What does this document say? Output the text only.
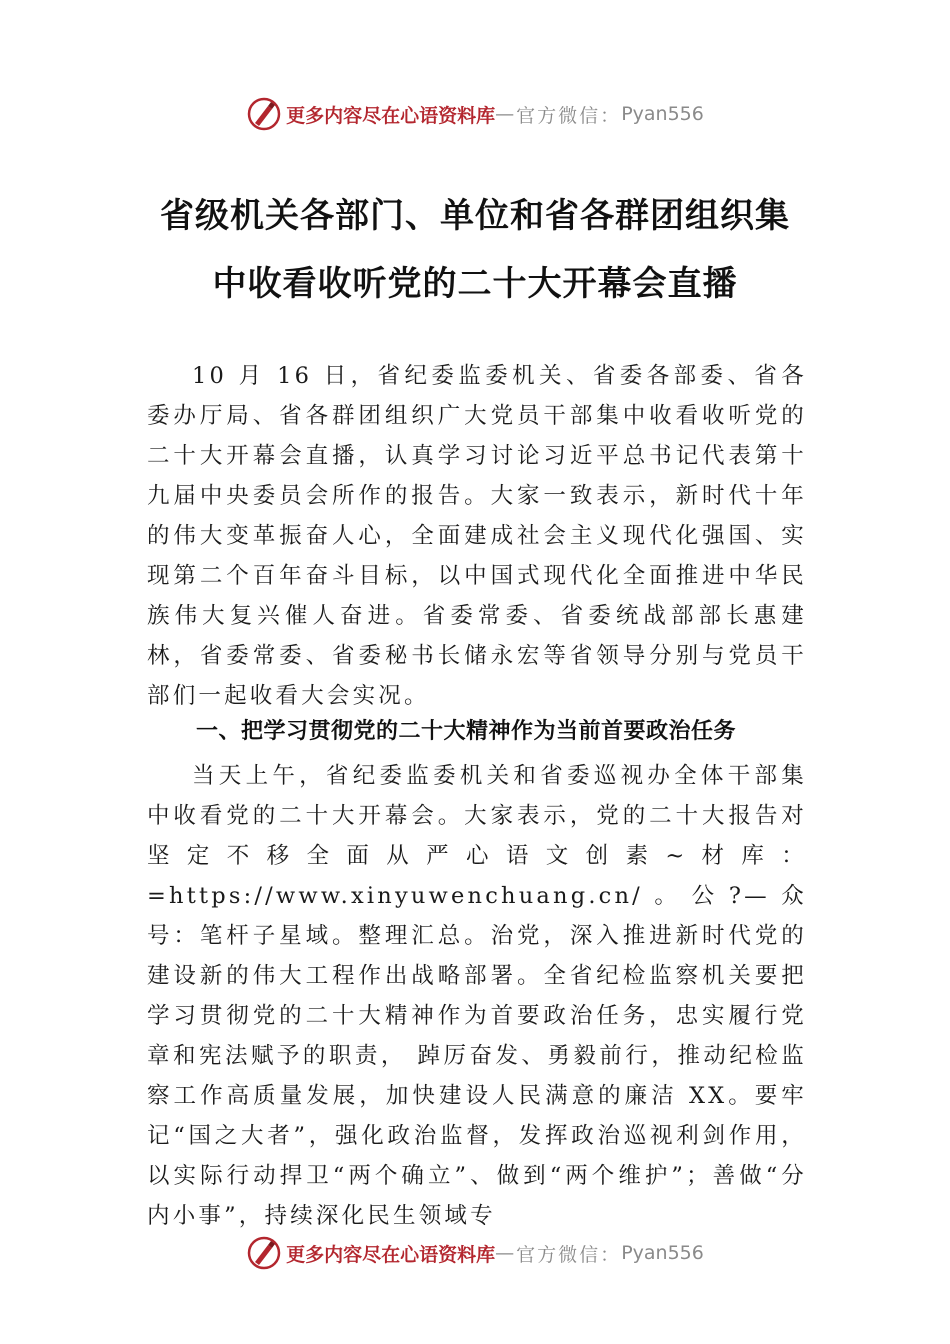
更多内容尽在心语资料库 — 官方微信： Pyan556
省级机关各部门、单位和省各群团组织集
中收看收听党的二十大开幕会直播

10 月 16 日，省纪委监委机关、省委各部委、省各委办厅局、省各群团组织广大党员干部集中收看收听党的二十大开幕会直播，认真学习讨论习近平总书记代表第十九届中央委员会所作的报告。大家一致表示，新时代十年的伟大变革振奋人心，全面建成社会主义现代化强国、实现第二个百年奋斗目标，以中国式现代化全面推进中华民族伟大复兴催人奋进。省委常委、省委统战部部长惠建林，省委常委、省委秘书长储永宏等省领导分别与党员干部们一起收看大会实况。

一、把学习贯彻党的二十大精神作为当前首要政治任务

当天上午，省纪委监委机关和省委巡视办全体干部集中收看党的二十大开幕会。大家表示，党的二十大报告对坚定不移全面从严心语文创素~材库：=https://www.xinyuwenchuang.cn/。公?—众号：笔杆子星域。整理汇总。治党，深入推进新时代党的建设新的伟大工程作出战略部署。全省纪检监察机关要把学习贯彻党的二十大精神作为首要政治任务，忠实履行党章和宪法赋予的职责， 踔厉奋发、勇毅前行，推动纪检监察工作高质量发展，加快建设人民满意的廉洁 XX。要牢记“国之大者”，强化政治监督，发挥政治巡视利剑作用，以实际行动捍卫“两个确立”、做到“两个维护”；善做“分内小事”，持续深化民生领域专

更多内容尽在心语资料库 — 官方微信： Pyan556
